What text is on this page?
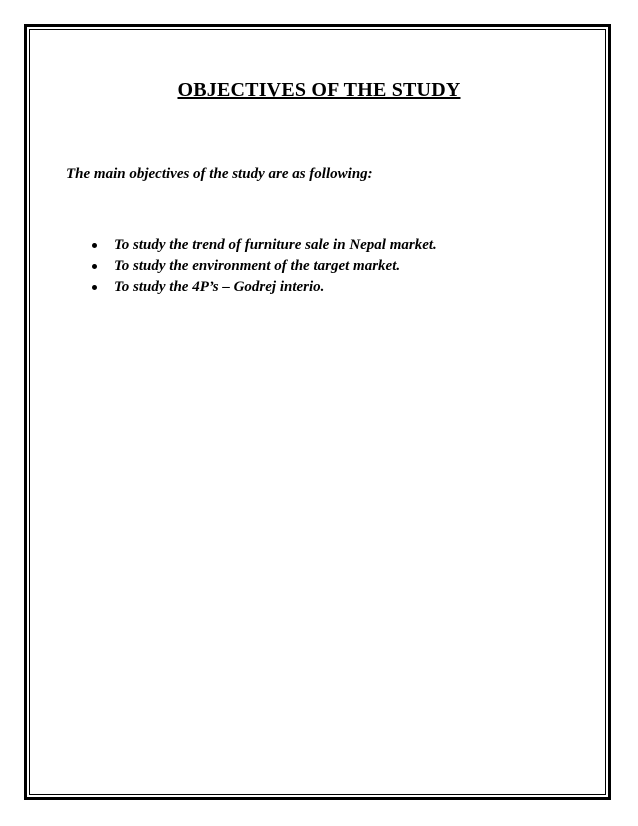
OBJECTIVES OF THE STUDY
The main objectives of the study are as following:
To study the trend of furniture sale in Nepal market.
To study the environment of the target market.
To study the 4P’s – Godrej interio.
